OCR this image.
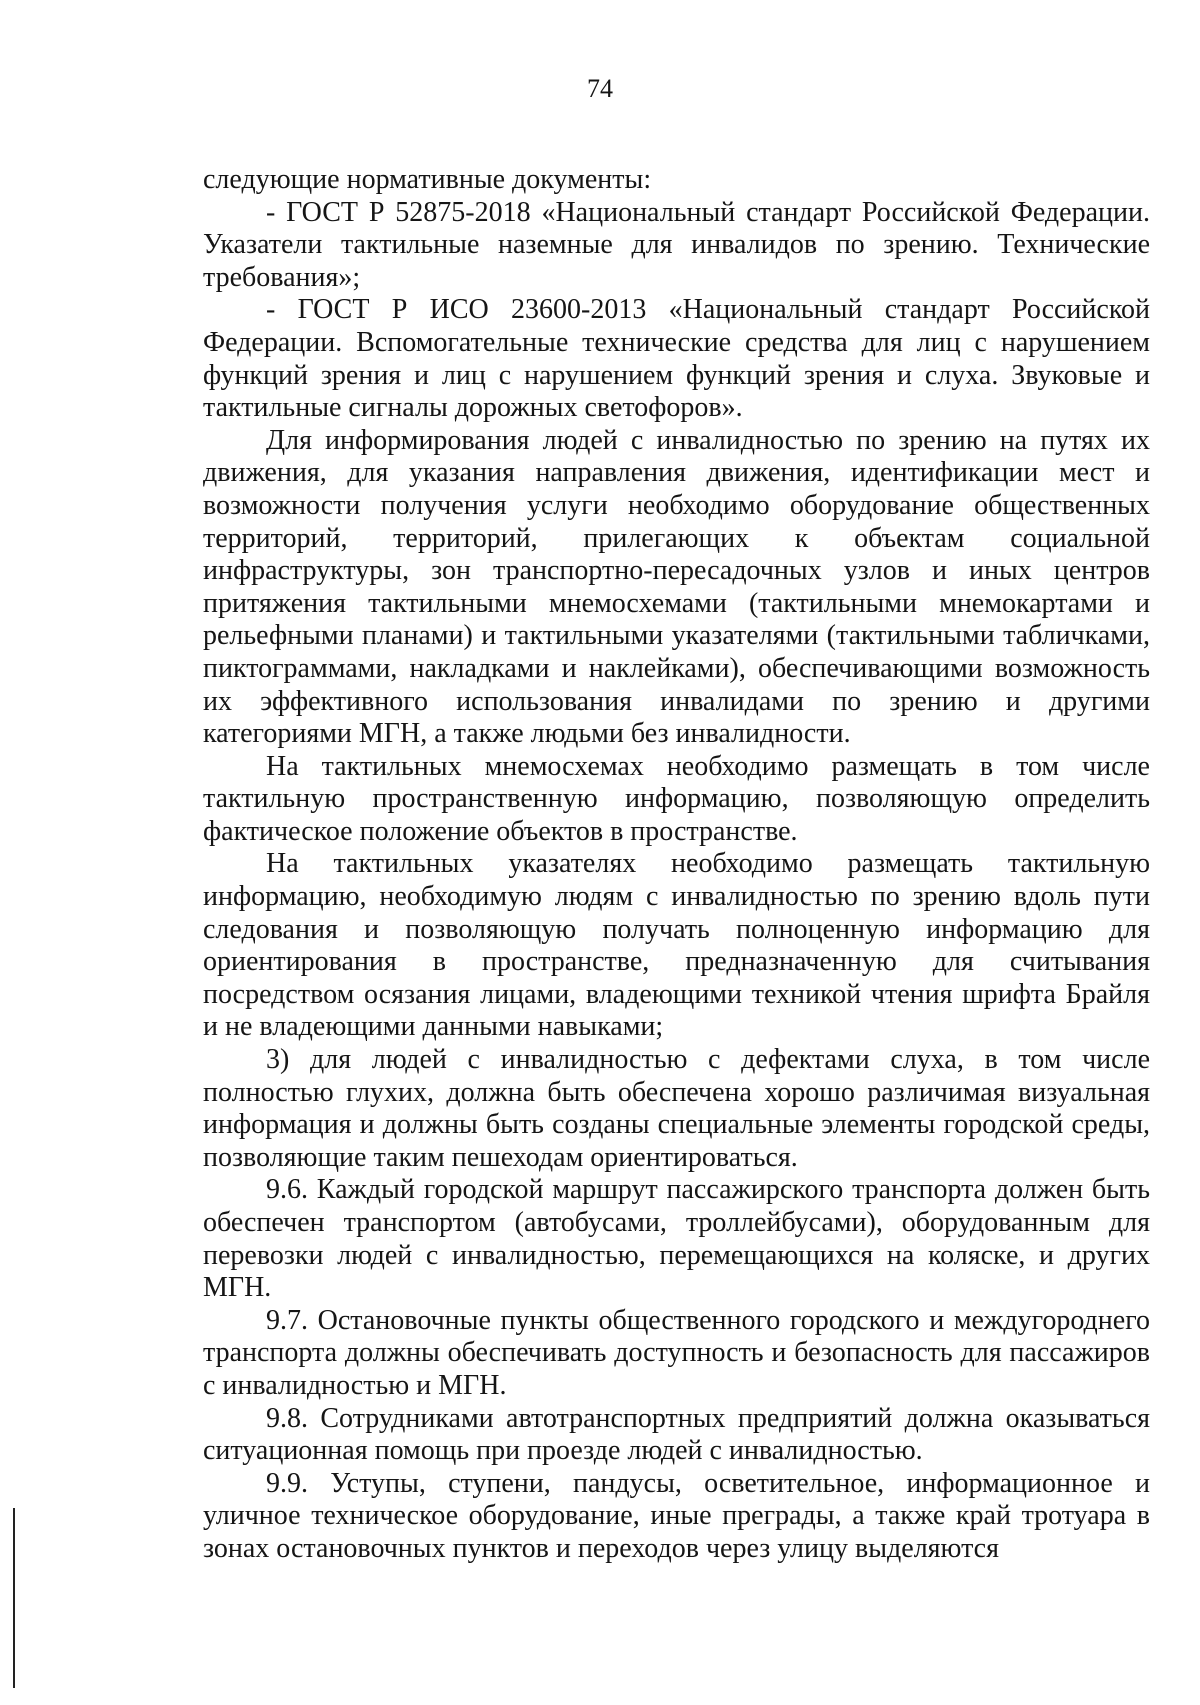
74

следующие нормативные документы:

- ГОСТ Р 52875-2018 «Национальный стандарт Российской Федерации. Указатели тактильные наземные для инвалидов по зрению. Технические требования»;

- ГОСТ Р ИСО 23600-2013 «Национальный стандарт Российской Федерации. Вспомогательные технические средства для лиц с нарушением функций зрения и лиц с нарушением функций зрения и слуха. Звуковые и тактильные сигналы дорожных светофоров».

Для информирования людей с инвалидностью по зрению на путях их движения, для указания направления движения, идентификации мест и возможности получения услуги необходимо оборудование общественных территорий, территорий, прилегающих к объектам социальной инфраструктуры, зон транспортно-пересадочных узлов и иных центров притяжения тактильными мнемосхемами (тактильными мнемокартами и рельефными планами) и тактильными указателями (тактильными табличками, пиктограммами, накладками и наклейками), обеспечивающими возможность их эффективного использования инвалидами по зрению и другими категориями МГН, а также людьми без инвалидности.

На тактильных мнемосхемах необходимо размещать в том числе тактильную пространственную информацию, позволяющую определить фактическое положение объектов в пространстве.

На тактильных указателях необходимо размещать тактильную информацию, необходимую людям с инвалидностью по зрению вдоль пути следования и позволяющую получать полноценную информацию для ориентирования в пространстве, предназначенную для считывания посредством осязания лицами, владеющими техникой чтения шрифта Брайля и не владеющими данными навыками;

3) для людей с инвалидностью с дефектами слуха, в том числе полностью глухих, должна быть обеспечена хорошо различимая визуальная информация и должны быть созданы специальные элементы городской среды, позволяющие таким пешеходам ориентироваться.

9.6. Каждый городской маршрут пассажирского транспорта должен быть обеспечен транспортом (автобусами, троллейбусами), оборудованным для перевозки людей с инвалидностью, перемещающихся на коляске, и других МГН.

9.7. Остановочные пункты общественного городского и междугороднего транспорта должны обеспечивать доступность и безопасность для пассажиров с инвалидностью и МГН.

9.8. Сотрудниками автотранспортных предприятий должна оказываться ситуационная помощь при проезде людей с инвалидностью.

9.9. Уступы, ступени, пандусы, осветительное, информационное и уличное техническое оборудование, иные преграды, а также край тротуара в зонах остановочных пунктов и переходов через улицу выделяются
